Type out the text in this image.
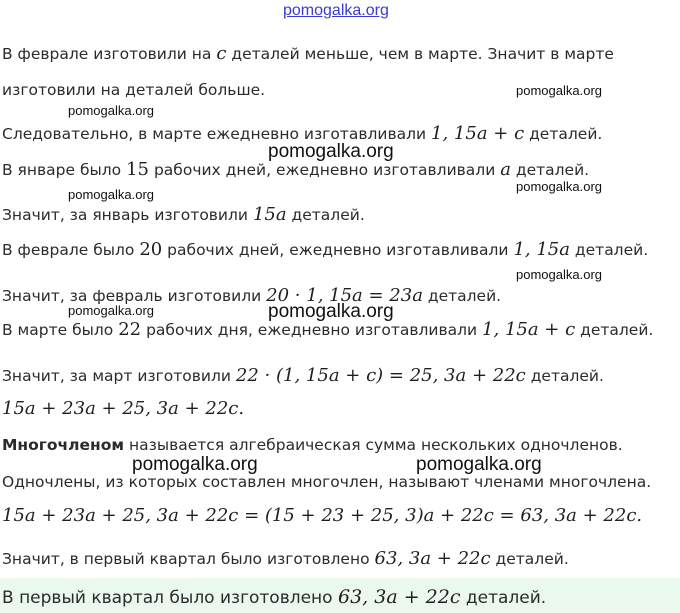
pomogalka.org
В феврале изготовили на c деталей меньше, чем в марте. Значит в марте
изготовили на деталей больше.	pomogalka.org
pomogalka.org
Следовательно, в марте ежедневно изготавливали 1, 15a + c деталей.
pomogalka.org
В январе было 15 рабочих дней, ежедневно изготавливали a деталей.
pomogalka.org
pomogalka.org
Значит, за январь изготовили 15a деталей.
В феврале было 20 рабочих дней, ежедневно изготавливали 1, 15a деталей.
pomogalka.org
Значит, за февраль изготовили 20 · 1, 15a = 23a деталей.
pomogalka.org	pomogalka.org
В марте было 22 рабочих дня, ежедневно изготавливали 1, 15a + c деталей.
Значит, за март изготовили 22 · (1, 15a + c) = 25, 3a + 22c деталей.
15a + 23a + 25, 3a + 22c.
Многочленом называется алгебраическая сумма нескольких одночленов.
pomogalka.org	pomogalka.org
Одночлены, из которых составлен многочлен, называют членами многочлена.
15a + 23a + 25, 3a + 22c = (15 + 23 + 25, 3)a + 22c = 63, 3a + 22c.
Значит, в первый квартал было изготовлено 63, 3a + 22c деталей.
В первый квартал было изготовлено 63, 3a + 22c деталей.
